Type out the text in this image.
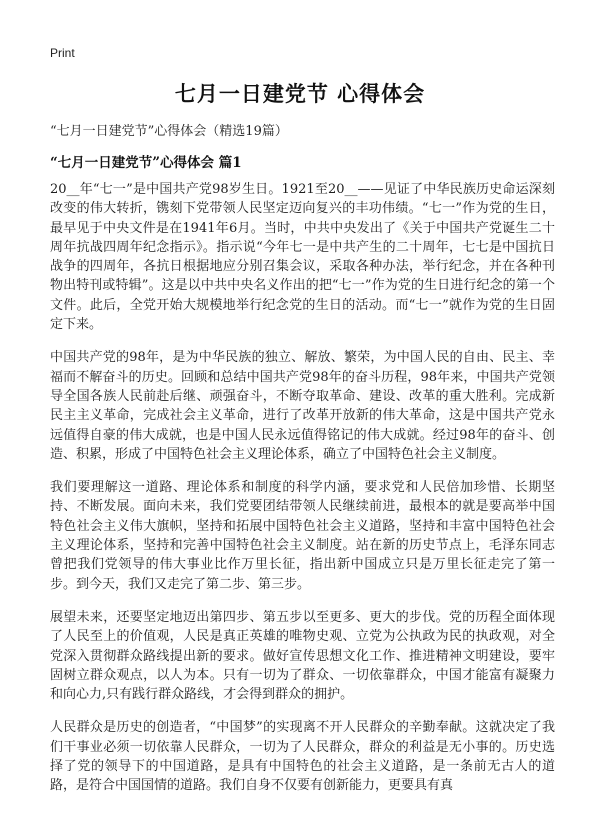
Print
七月一日建党节 心得体会
“七月一日建党节”心得体会（精选19篇）
“七月一日建党节”心得体会 篇1

20__年“七一”是中国共产党98岁生日。1921至20__——见证了中华民族历史命运深刻改变的伟大转折，镌刻下党带领人民坚定迈向复兴的丰功伟绩。“七一”作为党的生日，最早见于中央文件是在1941年6月。当时，中共中央发出了《关于中国共产党诞生二十周年抗战四周年纪念指示》。指示说“今年七一是中共产生的二十周年，七七是中国抗日战争的四周年，各抗日根据地应分别召集会议，采取各种办法，举行纪念，并在各种刊物出特刊或特辑”。这是以中共中央名义作出的把“七一”作为党的生日进行纪念的第一个文件。此后，全党开始大规模地举行纪念党的生日的活动。而“七一”就作为党的生日固定下来。

中国共产党的98年，是为中华民族的独立、解放、繁荣，为中国人民的自由、民主、幸福而不解奋斗的历史。回顾和总结中国共产党98年的奋斗历程，98年来，中国共产党领导全国各族人民前赴后继、顽强奋斗，不断夺取革命、建设、改革的重大胜利。完成新民主主义革命，完成社会主义革命，进行了改革开放新的伟大革命，这是中国共产党永远值得自豪的伟大成就，也是中国人民永远值得铭记的伟大成就。经过98年的奋斗、创造、积累，形成了中国特色社会主义理论体系，确立了中国特色社会主义制度。

我们要理解这一道路、理论体系和制度的科学内涵，要求党和人民倍加珍惜、长期坚持、不断发展。面向未来，我们党要团结带领人民继续前进，最根本的就是要高举中国特色社会主义伟大旗帜，坚持和拓展中国特色社会主义道路，坚持和丰富中国特色社会主义理论体系，坚持和完善中国特色社会主义制度。站在新的历史节点上，毛泽东同志曾把我们党领导的伟大事业比作万里长征，指出新中国成立只是万里长征走完了第一步。到今天，我们又走完了第二步、第三步。

展望未来，还要坚定地迈出第四步、第五步以至更多、更大的步伐。党的历程全面体现了人民至上的价值观，人民是真正英雄的唯物史观、立党为公执政为民的执政观，对全党深入贯彻群众路线提出新的要求。做好宣传思想文化工作、推进精神文明建设，要牢固树立群众观点，以人为本。只有一切为了群众、一切依靠群众，中国才能富有凝聚力和向心力,只有践行群众路线，才会得到群众的拥护。

人民群众是历史的创造者，“中国梦”的实现离不开人民群众的辛勤奉献。这就决定了我们干事业必须一切依靠人民群众，一切为了人民群众，群众的利益是无小事的。历史选择了党的领导下的中国道路，是具有中国特色的社会主义道路，是一条前无古人的道路，是符合中国国情的道路。我们自身不仅要有创新能力，更要具有真
